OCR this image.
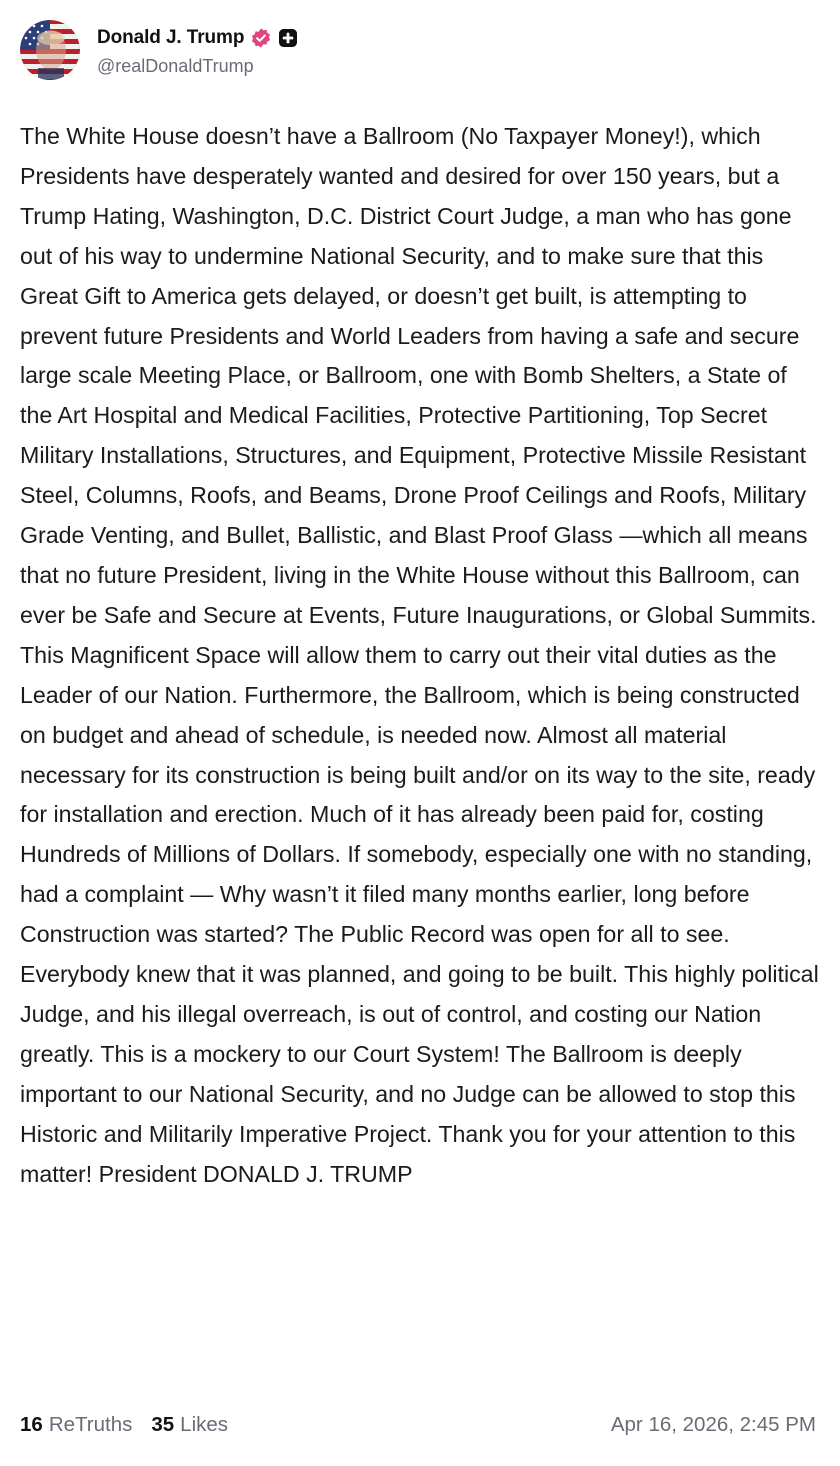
Donald J. Trump
@realDonaldTrump
The White House doesn’t have a Ballroom (No Taxpayer Money!), which Presidents have desperately wanted and desired for over 150 years, but a Trump Hating, Washington, D.C. District Court Judge, a man who has gone out of his way to undermine National Security, and to make sure that this Great Gift to America gets delayed, or doesn’t get built, is attempting to prevent future Presidents and World Leaders from having a safe and secure large scale Meeting Place, or Ballroom, one with Bomb Shelters, a State of the Art Hospital and Medical Facilities, Protective Partitioning, Top Secret Military Installations, Structures, and Equipment, Protective Missile Resistant Steel, Columns, Roofs, and Beams, Drone Proof Ceilings and Roofs, Military Grade Venting, and Bullet, Ballistic, and Blast Proof Glass —which all means that no future President, living in the White House without this Ballroom, can ever be Safe and Secure at Events, Future Inaugurations, or Global Summits. This Magnificent Space will allow them to carry out their vital duties as the Leader of our Nation. Furthermore, the Ballroom, which is being constructed on budget and ahead of schedule, is needed now. Almost all material necessary for its construction is being built and/or on its way to the site, ready for installation and erection. Much of it has already been paid for, costing Hundreds of Millions of Dollars. If somebody, especially one with no standing, had a complaint — Why wasn’t it filed many months earlier, long before Construction was started? The Public Record was open for all to see. Everybody knew that it was planned, and going to be built. This highly political Judge, and his illegal overreach, is out of control, and costing our Nation greatly. This is a mockery to our Court System! The Ballroom is deeply important to our National Security, and no Judge can be allowed to stop this Historic and Militarily Imperative Project. Thank you for your attention to this matter! President DONALD J. TRUMP
16 ReTruths 35 Likes	Apr 16, 2026, 2:45 PM
